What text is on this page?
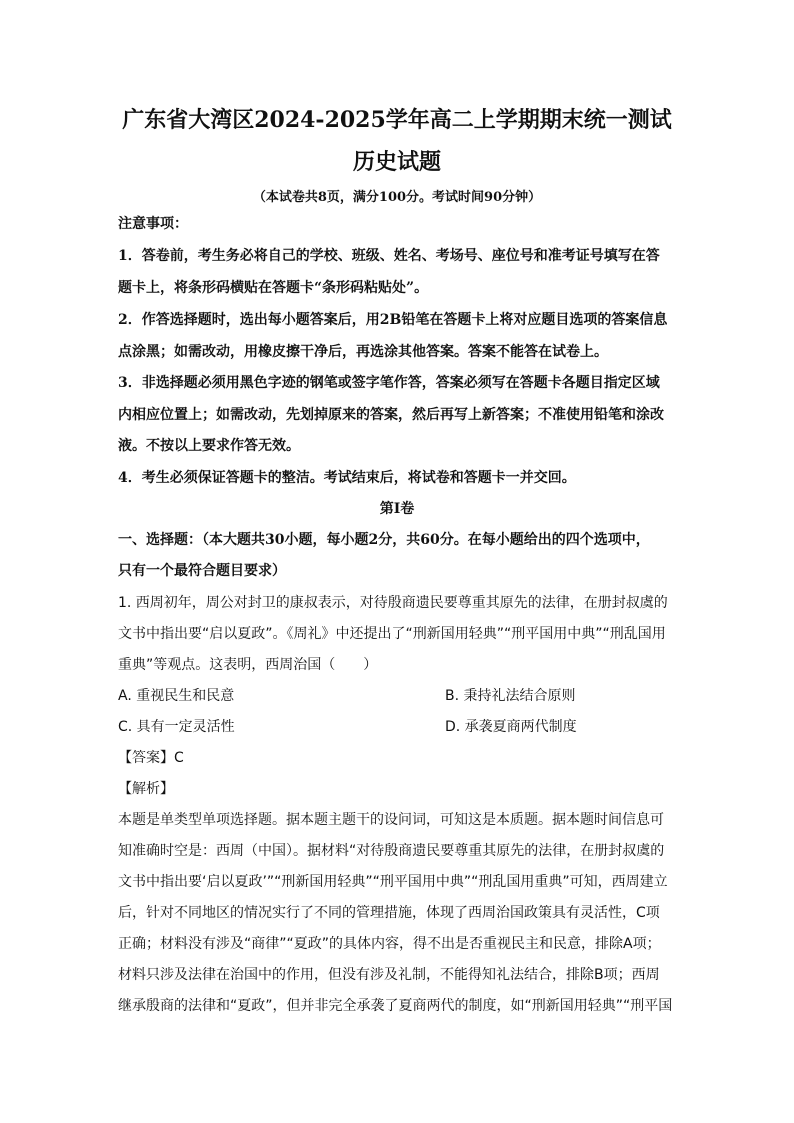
广东省大湾区2024-2025学年高二上学期期末统一测试
历史试题
（本试卷共8页，满分100分。考试时间90分钟）
注意事项：
1．答卷前，考生务必将自己的学校、班级、姓名、考场号、座位号和准考证号填写在答
题卡上，将条形码横贴在答题卡“条形码粘贴处”。
2．作答选择题时，选出每小题答案后，用2B铅笔在答题卡上将对应题目选项的答案信息
点涂黑；如需改动，用橡皮擦干净后，再选涂其他答案。答案不能答在试卷上。
3．非选择题必须用黑色字迹的钢笔或签字笔作答，答案必须写在答题卡各题目指定区域
内相应位置上；如需改动，先划掉原来的答案，然后再写上新答案；不准使用铅笔和涂改
液。不按以上要求作答无效。
4．考生必须保证答题卡的整洁。考试结束后，将试卷和答题卡一并交回。
第Ⅰ卷
一、选择题：（本大题共30小题，每小题2分，共60分。在每小题给出的四个选项中，
只有一个最符合题目要求）
1. 西周初年，周公对封卫的康叔表示，对待殷商遗民要尊重其原先的法律，在册封叔虞的
文书中指出要“启以夏政”。《周礼》中还提出了“刑新国用轻典”“刑平国用中典”“刑乱国用
重典”等观点。这表明，西周治国（　　）
A. 重视民生和民意	B. 秉持礼法结合原则
C. 具有一定灵活性	D. 承袭夏商两代制度
【答案】C
【解析】
本题是单类型单项选择题。据本题主题干的设问词，可知这是本质题。据本题时间信息可
知准确时空是：西周（中国）。据材料“对待殷商遗民要尊重其原先的法律，在册封叔虞的
文书中指出要‘启以夏政’”“刑新国用轻典”“刑平国用中典”“刑乱国用重典”可知，西周建立
后，针对不同地区的情况实行了不同的管理措施，体现了西周治国政策具有灵活性，C项
正确；材料没有涉及“商律”“夏政”的具体内容，得不出是否重视民主和民意，排除A项；
材料只涉及法律在治国中的作用，但没有涉及礼制，不能得知礼法结合，排除B项；西周
继承殷商的法律和“夏政”，但并非完全承袭了夏商两代的制度，如“刑新国用轻典”“刑平国
